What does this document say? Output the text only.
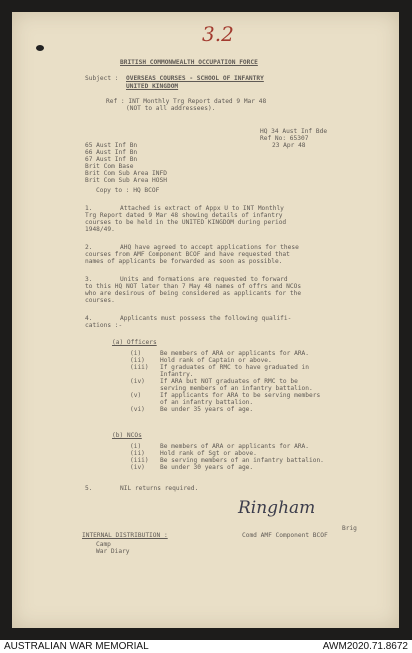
3.2
BRITISH COMMONWEALTH OCCUPATION FORCE
Subject : OVERSEAS COURSES - SCHOOL OF INFANTRY
UNITED KINGDOM
Ref : INT Monthly Trg Report dated 9 Mar 48
(NOT to all addressees).
HQ 34 Aust Inf Bde
Ref No: 65307
23 Apr 48
65 Aust Inf Bn
66 Aust Inf Bn
67 Aust Inf Bn
Brit Com Base
Brit Com Sub Area INFD
Brit Com Sub Area HOSH
Copy to : HQ BCOF
1.	Attached is extract of Appx U to INT Monthly
Trg Report dated 9 Mar 48 showing details of infantry
courses to be held in the UNITED KINGDOM during period
1948/49.
2.	AHQ have agreed to accept applications for these
courses from AMF Component BCOF and have requested that
names of applicants be forwarded as soon as possible.
3.	Units and formations are requested to forward
to this HQ NOT later than 7 May 48 names of offrs and NCOs
who are desirous of being considered as applicants for the
courses.
4.	Applicants must possess the following qualifi-
cations :-
(a) Officers
(i)	Be members of ARA or applicants for ARA.
(ii) Hold rank of Captain or above.
(iii) If graduates of RMC to have graduated in
Infantry.
(iv) If ARA but NOT graduates of RMC to be
serving members of an infantry battalion.
(v)	If applicants for ARA to be serving members
of an infantry battalion.
(vi) Be under 35 years of age.
(b) NCOs
(i)	Be members of ARA or applicants for ARA.
(ii) Hold rank of Sgt or above.
(iii) Be serving members of an infantry battalion.
(iv) Be under 30 years of age.
5.	NIL returns required.
Ringham
Brig
Comd AMF Component BCOF
INTERNAL DISTRIBUTION :
Camp
War Diary
AUSTRALIAN WAR MEMORIAL	AWM2020.71.8672
